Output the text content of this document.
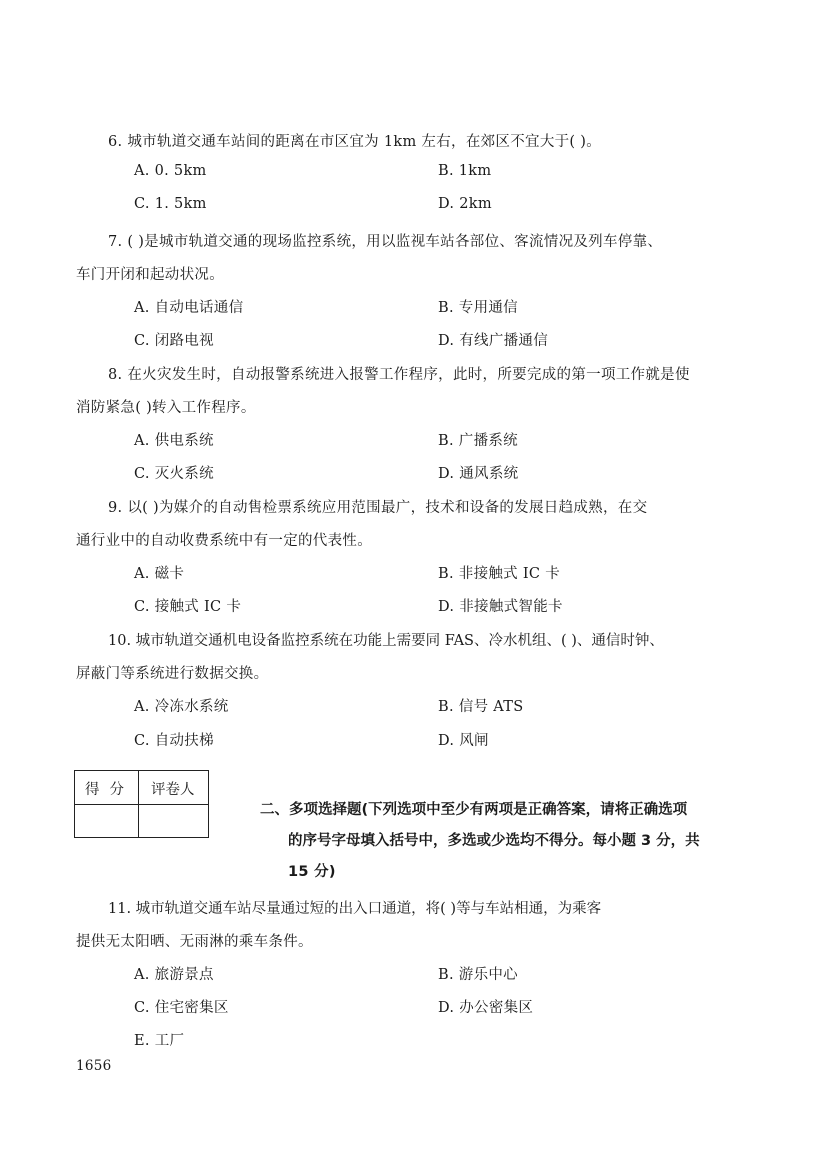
6. 城市轨道交通车站间的距离在市区宜为 1km 左右，在郊区不宜大于( )。
A. 0. 5km	B. 1km
C. 1. 5km	D. 2km
7. ( )是城市轨道交通的现场监控系统，用以监视车站各部位、客流情况及列车停靠、
车门开闭和起动状况。
A. 自动电话通信	B. 专用通信
C. 闭路电视	D. 有线广播通信
8. 在火灾发生时，自动报警系统进入报警工作程序，此时，所要完成的第一项工作就是使
消防紧急( )转入工作程序。
A. 供电系统	B. 广播系统
C. 灭火系统	D. 通风系统
9. 以( )为媒介的自动售检票系统应用范围最广，技术和设备的发展日趋成熟，在交
通行业中的自动收费系统中有一定的代表性。
A. 磁卡	B. 非接触式 IC 卡
C. 接触式 IC 卡	D. 非接触式智能卡
10. 城市轨道交通机电设备监控系统在功能上需要同 FAS、冷水机组、( )、通信时钟、
屏蔽门等系统进行数据交换。
A. 冷冻水系统	B. 信号 ATS
C. 自动扶梯	D. 风闸
得分 评卷人
二、多项选择题(下列选项中至少有两项是正确答案，请将正确选项
的序号字母填入括号中，多选或少选均不得分。每小题 3 分，共
15 分)
11. 城市轨道交通车站尽量通过短的出入口通道，将( )等与车站相通，为乘客
提供无太阳晒、无雨淋的乘车条件。
A. 旅游景点	B. 游乐中心
C. 住宅密集区	D. 办公密集区
E. 工厂
1656
